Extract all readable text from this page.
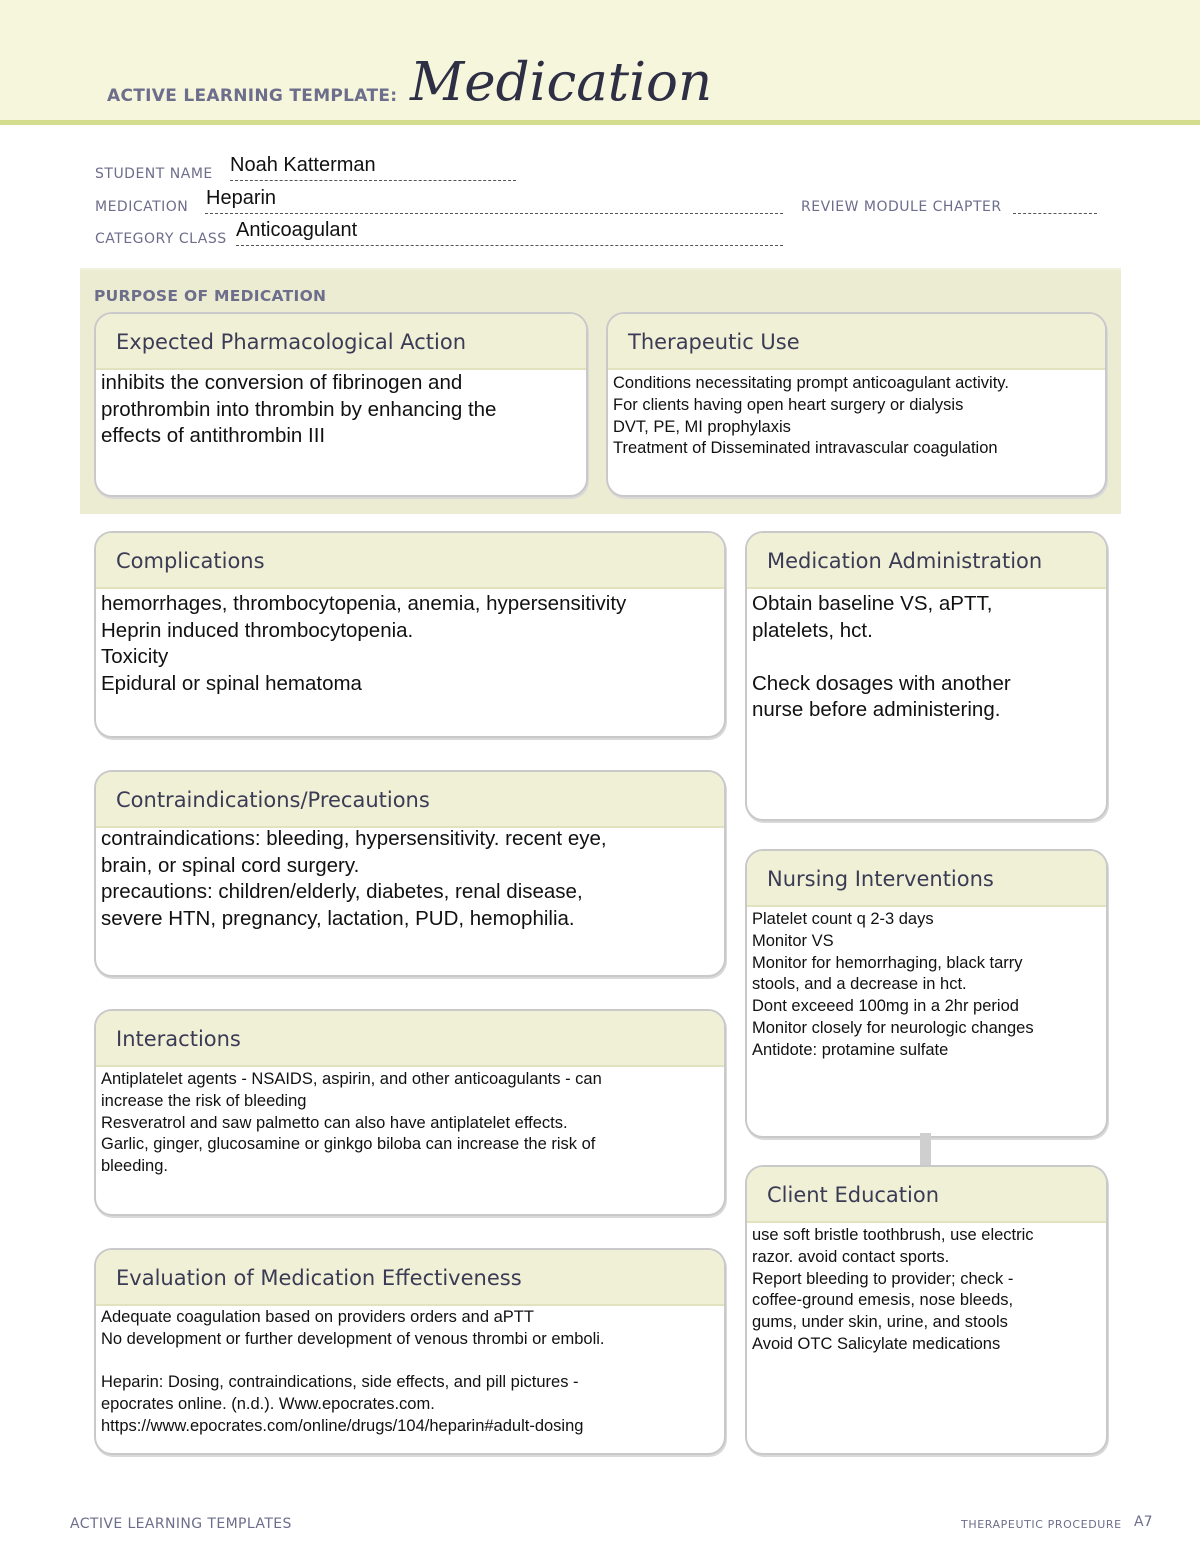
ACTIVE LEARNING TEMPLATE: Medication
STUDENT NAME Noah Katterman
MEDICATION Heparin	REVIEW MODULE CHAPTER
CATEGORY CLASS Anticoagulant
PURPOSE OF MEDICATION
Expected Pharmacological Action
inhibits the conversion of fibrinogen and
prothrombin into thrombin by enhancing the
effects of antithrombin III
Therapeutic Use
Conditions necessitating prompt anticoagulant activity.
For clients having open heart surgery or dialysis
DVT, PE, MI prophylaxis
Treatment of Disseminated intravascular coagulation
Complications
hemorrhages, thrombocytopenia, anemia, hypersensitivity
Heprin induced thrombocytopenia.
Toxicity
Epidural or spinal hematoma
Contraindications/Precautions
contraindications: bleeding, hypersensitivity. recent eye,
brain, or spinal cord surgery.
precautions: children/elderly, diabetes, renal disease,
severe HTN, pregnancy, lactation, PUD, hemophilia.
Interactions
Antiplatelet agents - NSAIDS, aspirin, and other anticoagulants - can
increase the risk of bleeding
Resveratrol and saw palmetto can also have antiplatelet effects.
Garlic, ginger, glucosamine or ginkgo biloba can increase the risk of
bleeding.
Evaluation of Medication Effectiveness
Adequate coagulation based on providers orders and aPTT
No development or further development of venous thrombi or emboli.

Heparin: Dosing, contraindications, side effects, and pill pictures -
epocrates online. (n.d.). Www.epocrates.com.
https://www.epocrates.com/online/drugs/104/heparin#adult-dosing
Medication Administration
Obtain baseline VS, aPTT,
platelets, hct.

Check dosages with another
nurse before administering.
Nursing Interventions
Platelet count q 2-3 days
Monitor VS
Monitor for hemorrhaging, black tarry
stools, and a decrease in hct.
Dont exceeed 100mg in a 2hr period
Monitor closely for neurologic changes
Antidote: protamine sulfate
Client Education
use soft bristle toothbrush, use electric
razor. avoid contact sports.
Report bleeding to provider; check -
coffee-ground emesis, nose bleeds,
gums, under skin, urine, and stools
Avoid OTC Salicylate medications
ACTIVE LEARNING TEMPLATES	THERAPEUTIC PROCEDURE A7
